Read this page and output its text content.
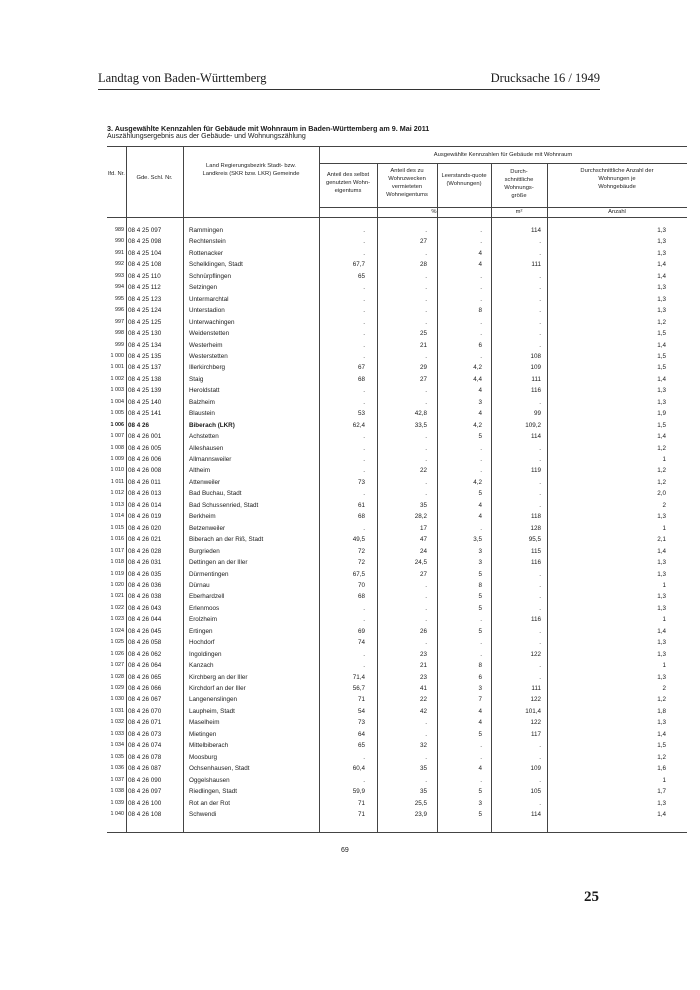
Landtag von Baden-Württemberg	Drucksache 16 / 1949
3. Ausgewählte Kennzahlen für Gebäude mit Wohnraum in Baden-Württemberg am 9. Mai 2011
Auszählungsergebnis aus der Gebäude- und Wohnungszählung
lfd. Nr.
Gde. Schl. Nr.
Land Regierungsbezirk Stadt- bzw. Landkreis (SKR bzw. LKR) Gemeinde
Ausgewählte Kennzahlen für Gebäude mit Wohnraum
Anteil des selbst genutzten Wohn-eigentums
Anteil des zu Wohnzwecken vermieteten Wohneigentums
Leerstands-quote (Wohnungen)
Durch-schnittliche Wohnungs-größe
Durchschnittliche Anzahl der Wohnungen je Wohngebäude
%	m²	Anzahl
989 08 4 25 097	Rammingen	.	.	.	114	1,3
990 08 4 25 098	Rechtenstein	.	27	.	.	1,3
991 08 4 25 104	Rottenacker	.	.	4	.	1,3
992 08 4 25 108	Schelklingen, Stadt	67,7	28	4	111	1,4
993 08 4 25 110	Schnürpflingen	65	.	.	.	1,4
994 08 4 25 112	Setzingen	.	.	.	.	1,3
995 08 4 25 123	Untermarchtal	.	.	.	.	1,3
996 08 4 25 124	Unterstadion	.	.	8	.	1,3
997 08 4 25 125	Unterwachingen	.	.	.	.	1,2
998 08 4 25 130	Weidenstetten	.	25	.	.	1,5
999 08 4 25 134	Westerheim	.	21	6	.	1,4
1 000 08 4 25 135	Westerstetten	.	.	.	108	1,5
1 001 08 4 25 137	Illerkirchberg	67	29	4,2	109	1,5
1 002 08 4 25 138	Staig	68	27	4,4	111	1,4
1 003 08 4 25 139	Heroldstatt	.	.	4	116	1,3
1 004 08 4 25 140	Balzheim	.	.	3	.	1,3
1 005 08 4 25 141	Blaustein	53	42,8	4	99	1,9
1 006 08 4 26	Biberach (LKR)	62,4	33,5	4,2	109,2	1,5
1 007 08 4 26 001	Achstetten	.	.	5	114	1,4
1 008 08 4 26 005	Alleshausen	.	.	.	.	1,2
1 009 08 4 26 006	Allmannsweiler	.	.	.	.	1
1 010 08 4 26 008	Altheim	.	22	.	119	1,2
1 011 08 4 26 011	Attenweiler	73	.	4,2	.	1,2
1 012 08 4 26 013	Bad Buchau, Stadt	.	.	5	.	2,0
1 013 08 4 26 014	Bad Schussenried, Stadt	61	35	4	.	2
1 014 08 4 26 019	Berkheim	68	28,2	4	118	1,3
1 015 08 4 26 020	Betzenweiler	.	17	.	128	1
1 016 08 4 26 021	Biberach an der Riß, Stadt	49,5	47	3,5	95,5	2,1
1 017 08 4 26 028	Burgrieden	72	24	3	115	1,4
1 018 08 4 26 031	Dettingen an der Iller	72	24,5	3	116	1,3
1 019 08 4 26 035	Dürmentingen	67,5	27	5	.	1,3
1 020 08 4 26 036	Dürnau	70	.	8	.	1
1 021 08 4 26 038	Eberhardzell	68	.	5	.	1,3
1 022 08 4 26 043	Erlenmoos	.	.	5	.	1,3
1 023 08 4 26 044	Erolzheim	.	.	.	116	1
1 024 08 4 26 045	Ertingen	69	26	5	.	1,4
1 025 08 4 26 058	Hochdorf	74	.	.	.	1,3
1 026 08 4 26 062	Ingoldingen	.	23	.	122	1,3
1 027 08 4 26 064	Kanzach	.	21	8	.	1
1 028 08 4 26 065	Kirchberg an der Iller	71,4	23	6	.	1,3
1 029 08 4 26 066	Kirchdorf an der Iller	56,7	41	3	111	2
1 030 08 4 26 067	Langenenslingen	71	22	7	122	1,2
1 031 08 4 26 070	Laupheim, Stadt	54	42	4	101,4	1,8
1 032 08 4 26 071	Maselheim	73	.	4	122	1,3
1 033 08 4 26 073	Mietingen	64	.	5	117	1,4
1 034 08 4 26 074	Mittelbiberach	65	32	.	.	1,5
1 035 08 4 26 078	Moosburg	.	.	.	.	1,2
1 036 08 4 26 087	Ochsenhausen, Stadt	60,4	35	4	109	1,6
1 037 08 4 26 090	Oggelshausen	.	.	.	.	1
1 038 08 4 26 097	Riedlingen, Stadt	59,9	35	5	105	1,7
1 039 08 4 26 100	Rot an der Rot	71	25,5	3	.	1,3
1 040 08 4 26 108	Schwendi	71	23,9	5	114	1,4
69
25
